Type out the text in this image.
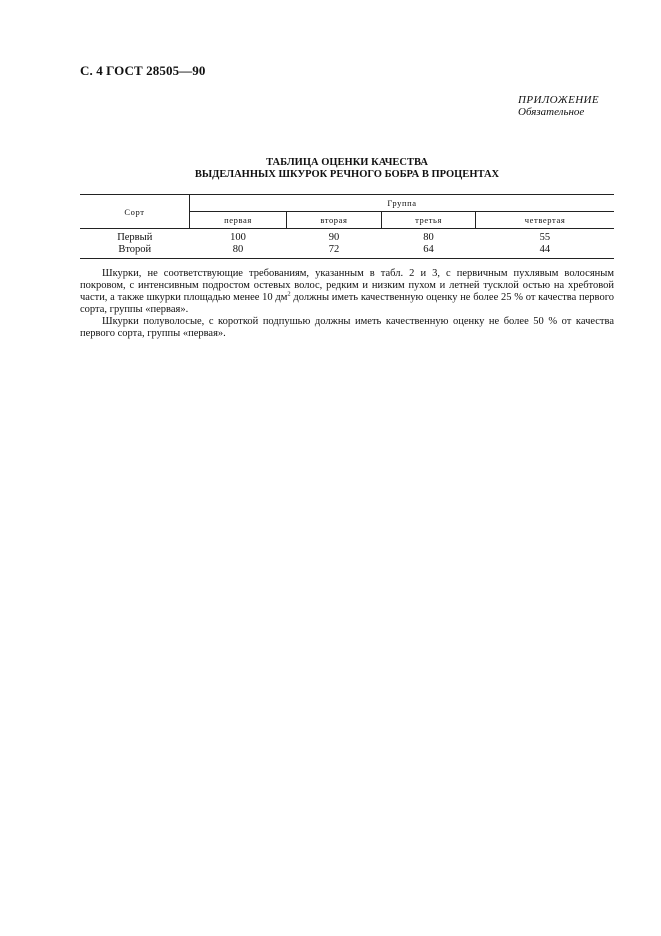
С. 4 ГОСТ 28505—90
ПРИЛОЖЕНИЕ
Обязательное
ТАБЛИЦА ОЦЕНКИ КАЧЕСТВА
ВЫДЕЛАННЫХ ШКУРОК РЕЧНОГО БОБРА В ПРОЦЕНТАХ
Сорт	Группа			
	первая	вторая	третья	четвертая
Первый	100	90	80	55
Второй	80	72	64	44

Шкурки, не соответствующие требованиям, указанным в табл. 2 и 3, с первичным пухлявым волосяным покровом, с интенсивным подростом остевых волос, редким и низким пухом и летней тусклой остью на хребтовой части, а также шкурки площадью менее 10 $дм^2$ должны иметь качественную оценку не более 25 % от качества первого сорта, группы «первая».

Шкурки полуволосые, с короткой подпушью должны иметь качественную оценку не более 50 % от качества первого сорта, группы «первая».
